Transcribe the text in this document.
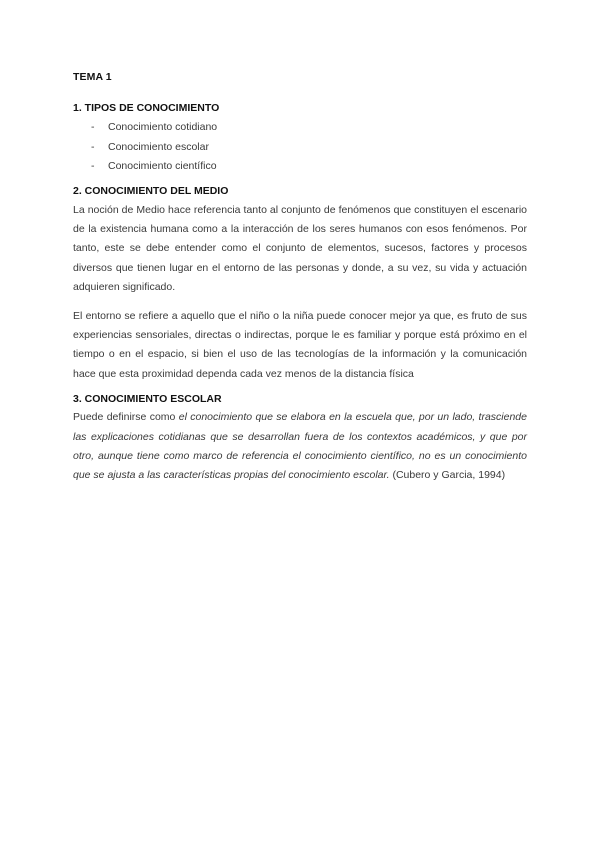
TEMA 1
1. TIPOS DE CONOCIMIENTO
- Conocimiento cotidiano
- Conocimiento escolar
- Conocimiento científico
2. CONOCIMIENTO DEL MEDIO

La noción de Medio hace referencia tanto al conjunto de fenómenos que constituyen el escenario de la existencia humana como a la interacción de los seres humanos con esos fenómenos. Por tanto, este se debe entender como el conjunto de elementos, sucesos, factores y procesos diversos que tienen lugar en el entorno de las personas y donde, a su vez, su vida y actuación adquieren significado.

El entorno se refiere a aquello que el niño o la niña puede conocer mejor ya que, es fruto de sus experiencias sensoriales, directas o indirectas, porque le es familiar y porque está próximo en el tiempo o en el espacio, si bien el uso de las tecnologías de la información y la comunicación hace que esta proximidad dependa cada vez menos de la distancia física

3. CONOCIMIENTO ESCOLAR

Puede definirse como el conocimiento que se elabora en la escuela que, por un lado, trasciende las explicaciones cotidianas que se desarrollan fuera de los contextos académicos, y que por otro, aunque tiene como marco de referencia el conocimiento científico, no es un conocimiento que se ajusta a las características propias del conocimiento escolar. (Cubero y Garcia, 1994)
